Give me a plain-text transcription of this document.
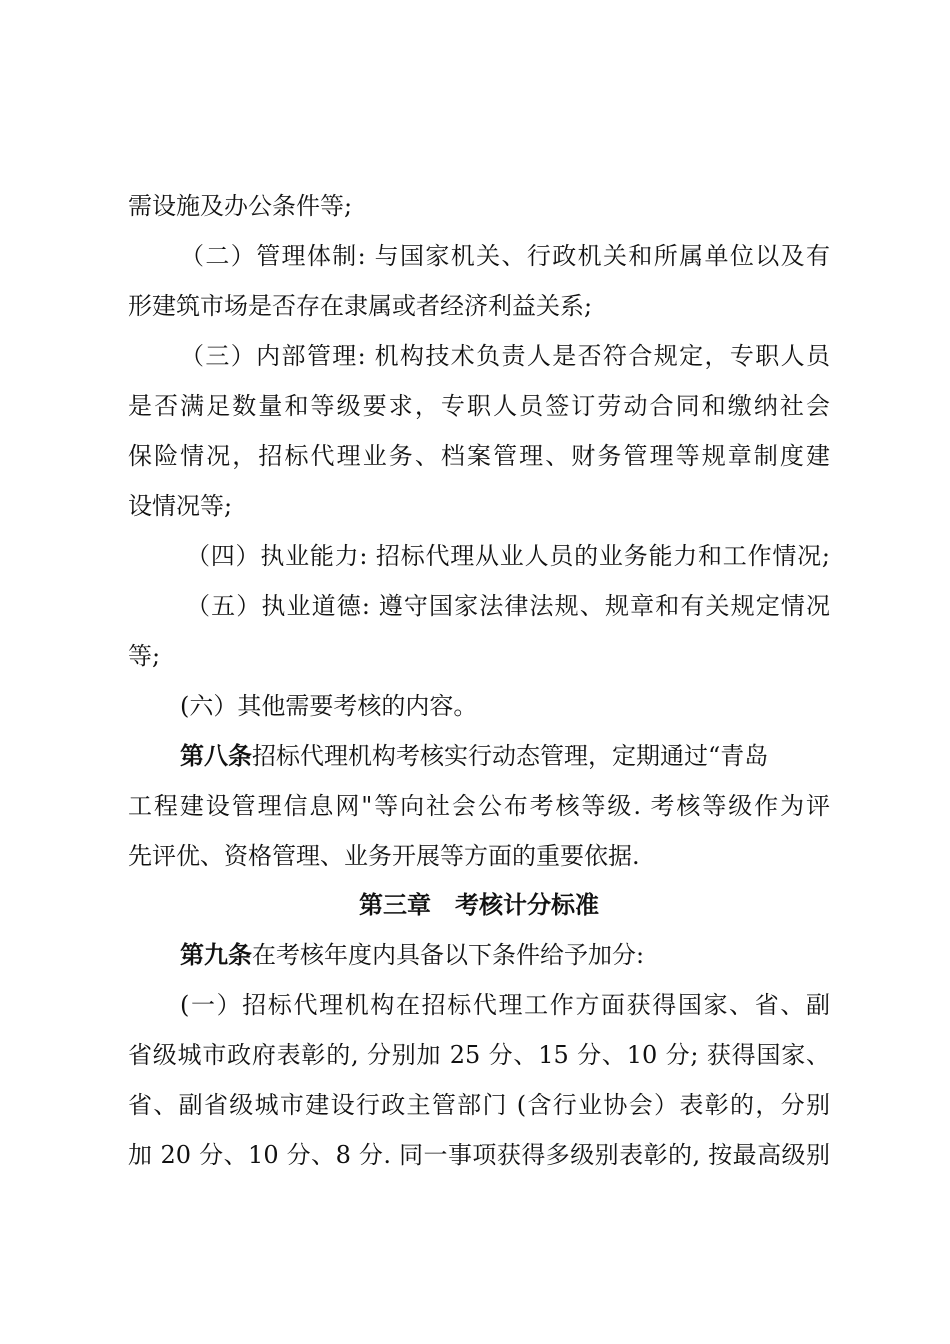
需设施及办公条件等;
（二）管理体制: 与国家机关、行政机关和所属单位以及有
形建筑市场是否存在隶属或者经济利益关系;
（三）内部管理: 机构技术负责人是否符合规定，专职人员
是否满足数量和等级要求，专职人员签订劳动合同和缴纳社会
保险情况，招标代理业务、档案管理、财务管理等规章制度建
设情况等;
（四）执业能力: 招标代理从业人员的业务能力和工作情况;
（五）执业道德: 遵守国家法律法规、规章和有关规定情况
等;
(六）其他需要考核的内容。
第八条招标代理机构考核实行动态管理，定期通过“青岛
工程建设管理信息网"等向社会公布考核等级. 考核等级作为评
先评优、资格管理、业务开展等方面的重要依据.
第三章　考核计分标准
第九条在考核年度内具备以下条件给予加分:
(一）招标代理机构在招标代理工作方面获得国家、省、副
省级城市政府表彰的, 分别加 25 分、15 分、10 分; 获得国家、
省、副省级城市建设行政主管部门 (含行业协会）表彰的，分别
加 20 分、10 分、8 分. 同一事项获得多级别表彰的, 按最高级别
